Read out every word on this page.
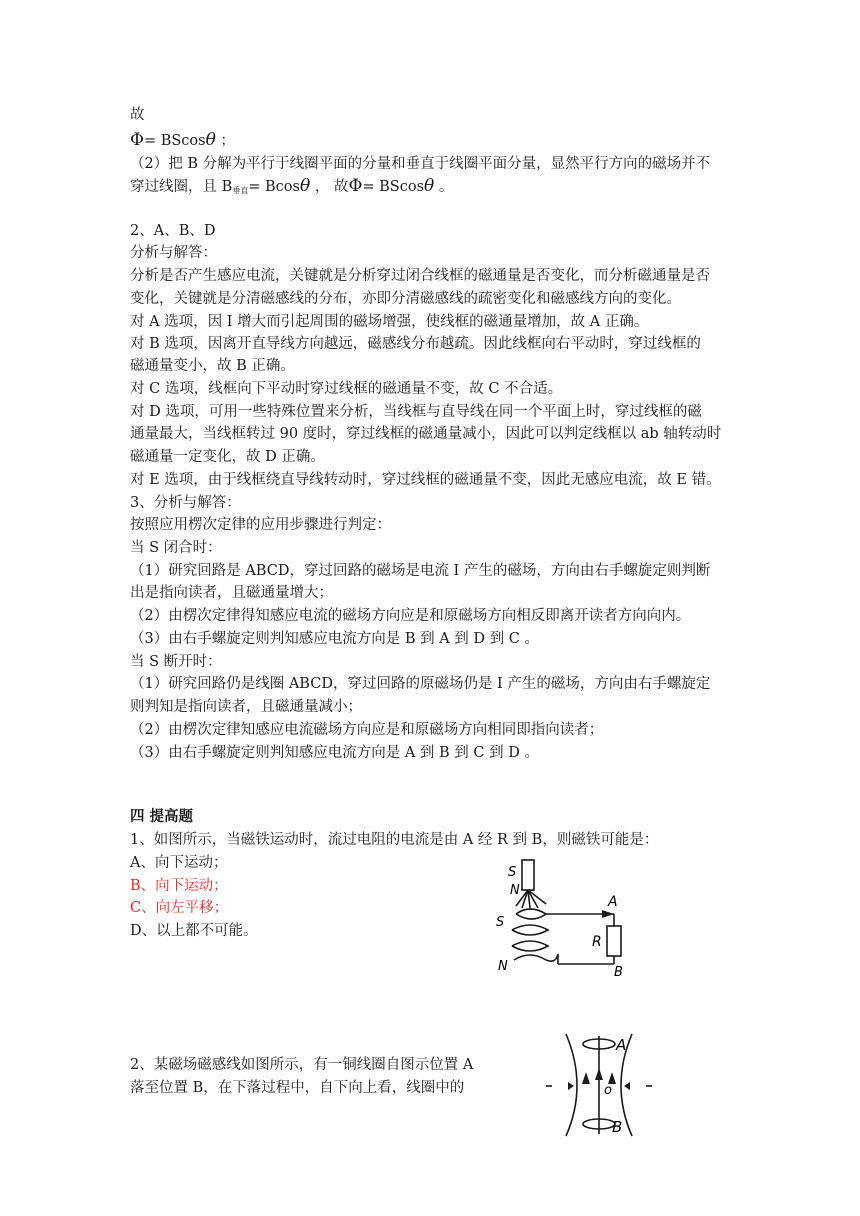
故
Φ= BScosθ ；
（2）把 B 分解为平行于线圈平面的分量和垂直于线圈平面分量，显然平行方向的磁场并不
穿过线圈，且 $B_{垂直}= Bcos\theta$ ， 故Φ= BScosθ 。
2、A、B、D
分析与解答：
分析是否产生感应电流，关键就是分析穿过闭合线框的磁通量是否变化，而分析磁通量是否
变化，关键就是分清磁感线的分布，亦即分清磁感线的疏密变化和磁感线方向的变化。
对 A 选项，因 I 增大而引起周围的磁场增强，使线框的磁通量增加，故 A 正确。
对 B 选项，因离开直导线方向越远，磁感线分布越疏。因此线框向右平动时，穿过线框的
磁通量变小，故 B 正确。
对 C 选项，线框向下平动时穿过线框的磁通量不变，故 C 不合适。
对 D 选项，可用一些特殊位置来分析，当线框与直导线在同一个平面上时，穿过线框的磁
通量最大，当线框转过 90 度时，穿过线框的磁通量减小，因此可以判定线框以 ab 轴转动时
磁通量一定变化，故 D 正确。
对 E 选项，由于线框绕直导线转动时，穿过线框的磁通量不变，因此无感应电流，故 E 错。
3、分析与解答：
按照应用楞次定律的应用步骤进行判定：
当 S 闭合时：
（1）研究回路是 ABCD，穿过回路的磁场是电流 I 产生的磁场，方向由右手螺旋定则判断
出是指向读者，且磁通量增大；
（2）由楞次定律得知感应电流的磁场方向应是和原磁场方向相反即离开读者方向向内。
（3）由右手螺旋定则判知感应电流方向是 B 到 A 到 D 到 C 。
当 S 断开时：
（1）研究回路仍是线圈 ABCD，穿过回路的原磁场仍是 I 产生的磁场，方向由右手螺旋定
则判知是指向读者，且磁通量减小；
（2）由楞次定律知感应电流磁场方向应是和原磁场方向相同即指向读者；
（3）由右手螺旋定则判知感应电流方向是 A 到 B 到 C 到 D 。
四 提高题
1、如图所示，当磁铁运动时，流过电阻的电流是由 A 经 R 到 B，则磁铁可能是：
A、向下运动；
B、向下运动；
C、向左平移；
D、以上都不可能。
2、某磁场磁感线如图所示，有一铜线圈自图示位置 A
落至位置 B，在下落过程中，自下向上看，线圈中的
S
N
S
N
A
R
B
A
o
B
